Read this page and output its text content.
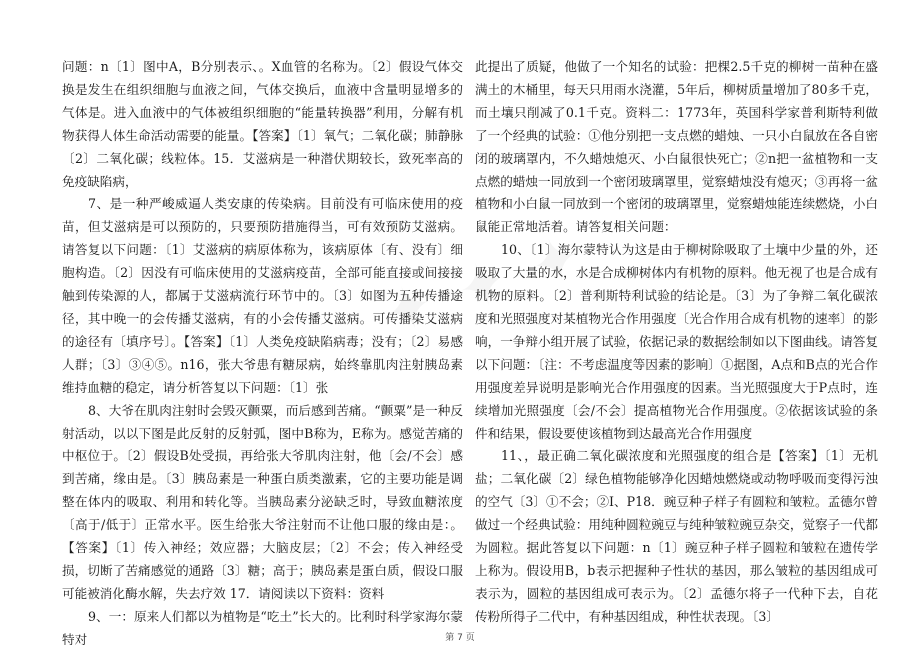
问题：n〔1〕图中A，B分别表示、。X血管的名称为。〔2〕假设气体交换是发生在组织细胞与血液之间，气体交换后，血液中含量明显增多的气体是。进入血液中的气体被组织细胞的“能量转换器”利用，分解有机物获得人体生命活动需要的能量。【答案】〔1〕氧气；二氧化碳；肺静脉〔2〕二氧化碳；线粒体。15．艾滋病是一种潜伏期较长，致死率高的免疫缺陷病，

7、是一种严峻威逼人类安康的传染病。目前没有可临床使用的疫苗，但艾滋病是可以预防的，只要预防措施得当，可有效预防艾滋病。请答复以下问题：〔1〕艾滋病的病原体称为，该病原体〔有、没有〕细胞构造。〔2〕因没有可临床使用的艾滋病疫苗，全部可能直接或间接接触到传染源的人，都属于艾滋病流行环节中的。〔3〕如图为五种传播途径，其中晚一的会传播艾滋病，有的小会传播艾滋病。可传播染艾滋病的途径有〔填序号〕。【答案】〔1〕人类免疫缺陷病毒；没有；〔2〕易感人群；〔3〕③④⑤。n16，张大爷患有糖尿病，始终靠肌肉注射胰岛素维持血糖的稳定，请分析答复以下问题：〔1〕张

8、大爷在肌肉注射时会毁灭颤粟，而后感到苦痛。“颤粟”是一种反射活动，以以下图是此反射的反射弧，图中B称为，E称为。感觉苦痛的中枢位于。〔2〕假设B处受损，再给张大爷肌肉注射，他〔会/不会〕感到苦痛，缘由是。〔3〕胰岛素是一种蛋白质类激素，它的主要功能是调整在体内的吸取、利用和转化等。当胰岛素分泌缺乏时，导致血糖浓度〔高于/低于〕正常水平。医生给张大爷注射而不让他口服的缘由是：。【答案】〔1〕传入神经；效应器；大脑皮层；〔2〕不会；传入神经受损，切断了苦痛感觉的通路〔3〕糖；高于；胰岛素是蛋白质，假设口服可能被消化酶水解，失去疗效 17．请阅读以下资料：资料

9、一：原来人们都以为植物是“吃土”长大的。比利时科学家海尔蒙特对

此提出了质疑，他做了一个知名的试验：把棵2.5千克的柳树一苗种在盛满土的木桶里，每天只用雨水浇灌，5年后，柳树质量增加了80多千克，而土壤只削减了0.1千克。资料二：1773年，英国科学家普利斯特利做了一个经典的试验：①他分别把一支点燃的蜡烛、一只小白鼠放在各自密闭的玻璃罩内，不久蜡烛熄灭、小白鼠很快死亡；②n把一盆植物和一支点燃的蜡烛一同放到一个密闭玻璃罩里，觉察蜡烛没有熄灭；③再将一盆植物和小白鼠一同放到一个密闭的玻璃罩里，觉察蜡烛能连续燃烧，小白鼠能正常地活着。请答复相关问题：

10、〔1〕海尔蒙特认为这是由于柳树除吸取了土壤中少量的外，还吸取了大量的水，水是合成柳树体内有机物的原料。他无视了也是合成有机物的原料。〔2〕普利斯特利试验的结论是。〔3〕为了争辩二氧化碳浓度和光照强度对某植物光合作用强度〔光合作用合成有机物的速率〕的影响，一争辩小组开展了试验，依据记录的数据绘制如以下图曲线。请答复以下问题：〔注：不考虑温度等因素的影响〕①据图，A点和B点的光合作用强度差异说明是影响光合作用强度的因素。当光照强度大于P点时，连续增加光照强度〔会/不会〕提高植物光合作用强度。②依据该试验的条件和结果，假设要使该植物到达最高光合作用强度

11、，最正确二氧化碳浓度和光照强度的组合是【答案】〔1〕无机盐；二氧化碳〔2〕绿色植物能够净化因蜡烛燃烧或动物呼吸而变得污浊的空气〔3〕①不会；②Ⅰ、P18．豌豆种子样子有圆粒和皱粒。孟德尔曾做过一个经典试验：用纯种圆粒豌豆与纯种皱粒豌豆杂交，觉察子一代都为圆粒。据此答复以下问题：n〔1〕豌豆种子样子圆粒和皱粒在遗传学上称为。假设用B，b表示把握种子性状的基因，那么皱粒的基因组成可表示为，圆粒的基因组成可表示为。〔2〕孟德尔将子一代种下去，自花传粉所得子二代中，有种基因组成，种性状表现。〔3〕

第 7 页
